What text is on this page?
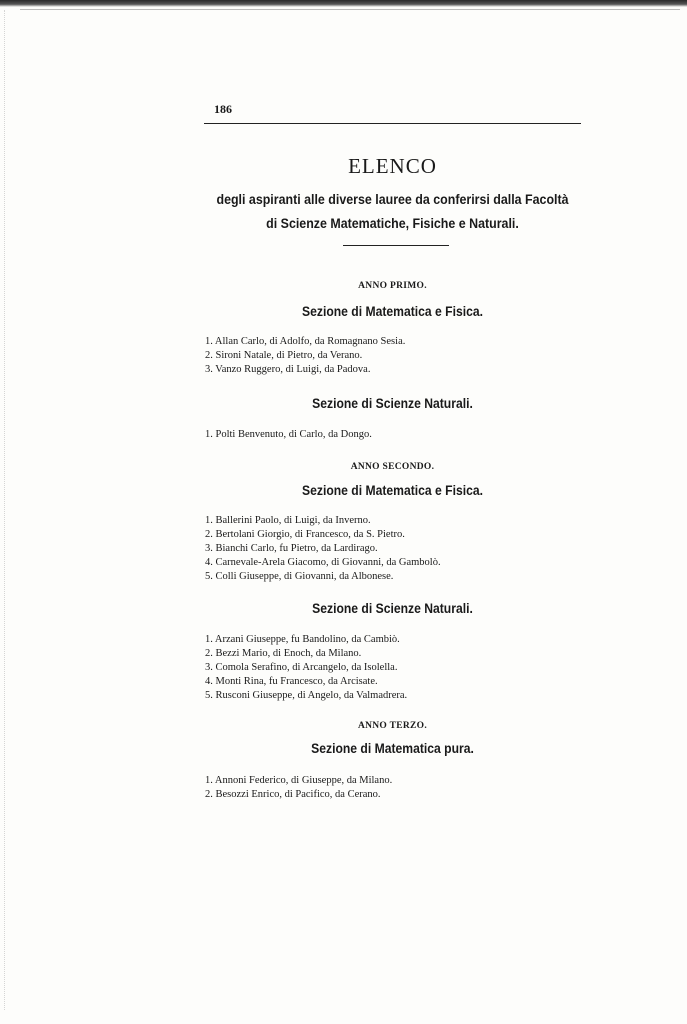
186
ELENCO
degli aspiranti alle diverse lauree da conferirsi dalla Facoltà
di Scienze Matematiche, Fisiche e Naturali.
ANNO PRIMO.
Sezione di Matematica e Fisica.
1. Allan Carlo, di Adolfo, da Romagnano Sesia.
2. Sironi Natale, di Pietro, da Verano.
3. Vanzo Ruggero, di Luigi, da Padova.
Sezione di Scienze Naturali.
1. Polti Benvenuto, di Carlo, da Dongo.
ANNO SECONDO.
Sezione di Matematica e Fisica.
1. Ballerini Paolo, di Luigi, da Inverno.
2. Bertolani Giorgio, di Francesco, da S. Pietro.
3. Bianchi Carlo, fu Pietro, da Lardirago.
4. Carnevale-Arela Giacomo, di Giovanni, da Gambolò.
5. Colli Giuseppe, di Giovanni, da Albonese.
Sezione di Scienze Naturali.
1. Arzani Giuseppe, fu Bandolino, da Cambiò.
2. Bezzi Mario, di Enoch, da Milano.
3. Comola Serafino, di Arcangelo, da Isolella.
4. Monti Rina, fu Francesco, da Arcisate.
5. Rusconi Giuseppe, di Angelo, da Valmadrera.
ANNO TERZO.
Sezione di Matematica pura.
1. Annoni Federico, di Giuseppe, da Milano.
2. Besozzi Enrico, di Pacifico, da Cerano.
